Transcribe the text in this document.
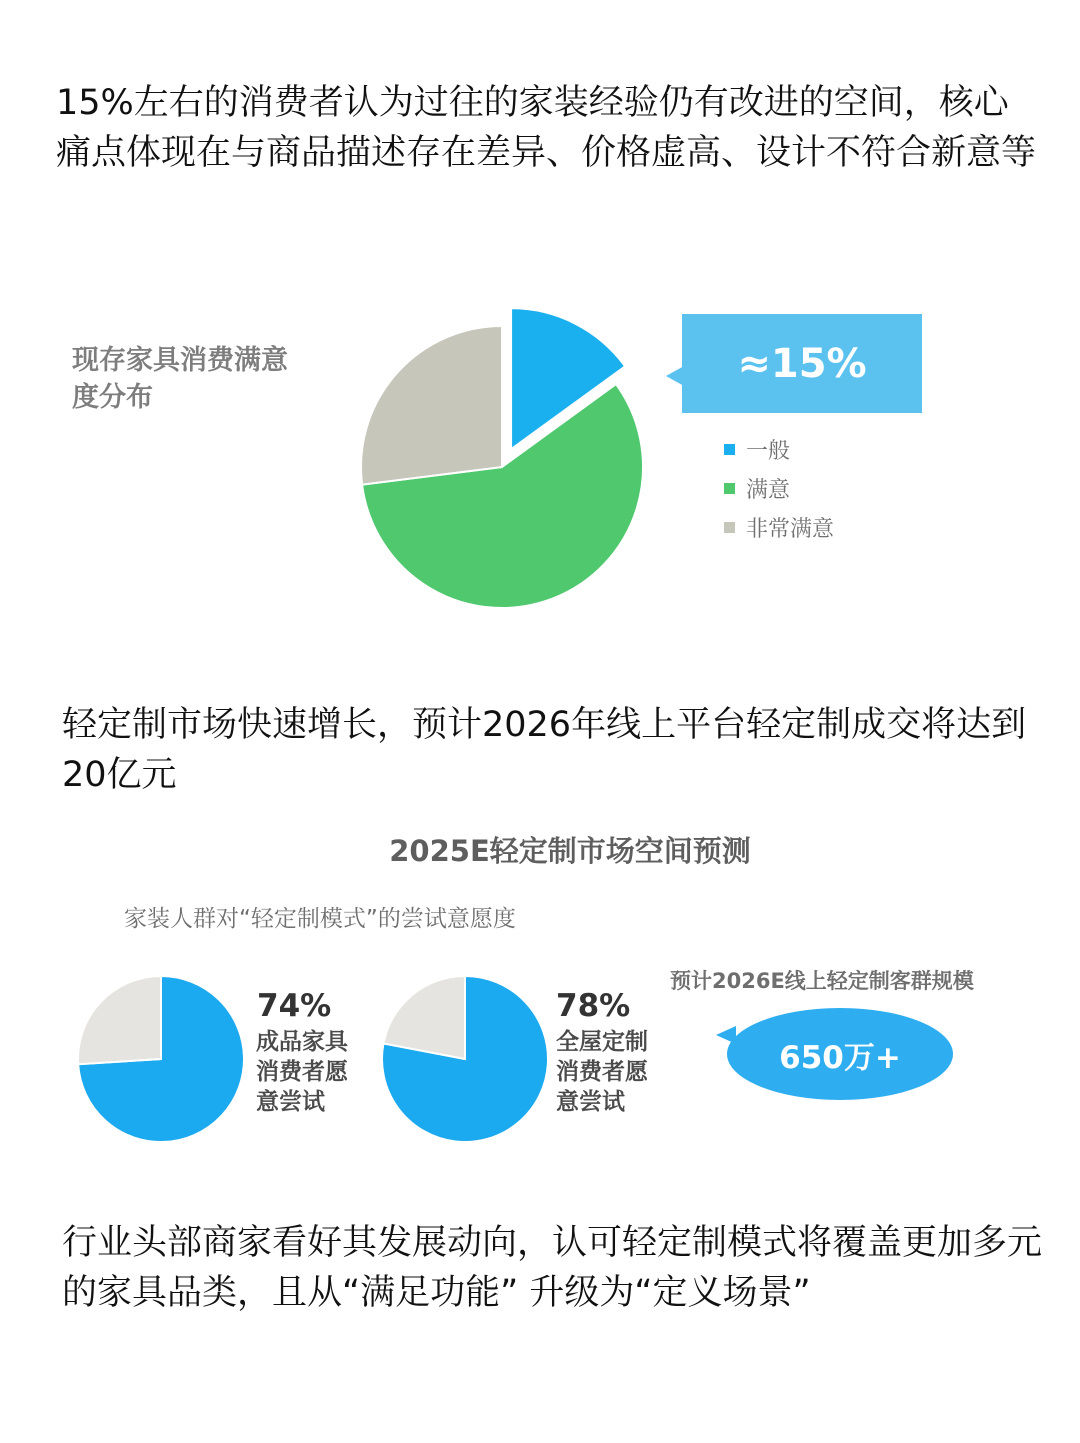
15%左右的消费者认为过往的家装经验仍有改进的空间，核心痛点体现在与商品描述存在差异、价格虚高、设计不符合新意等

现存家具消费满意度分布
≈15%
一般
满意
非常满意

轻定制市场快速增长，预计2026年线上平台轻定制成交将达到20亿元

2025E轻定制市场空间预测
家装人群对“轻定制模式”的尝试意愿度
74%
成品家具消费者愿意尝试
78%
全屋定制消费者愿意尝试
预计2026E线上轻定制客群规模
650万+

行业头部商家看好其发展动向，认可轻定制模式将覆盖更加多元的家具品类，且从“满足功能” 升级为“定义场景”
